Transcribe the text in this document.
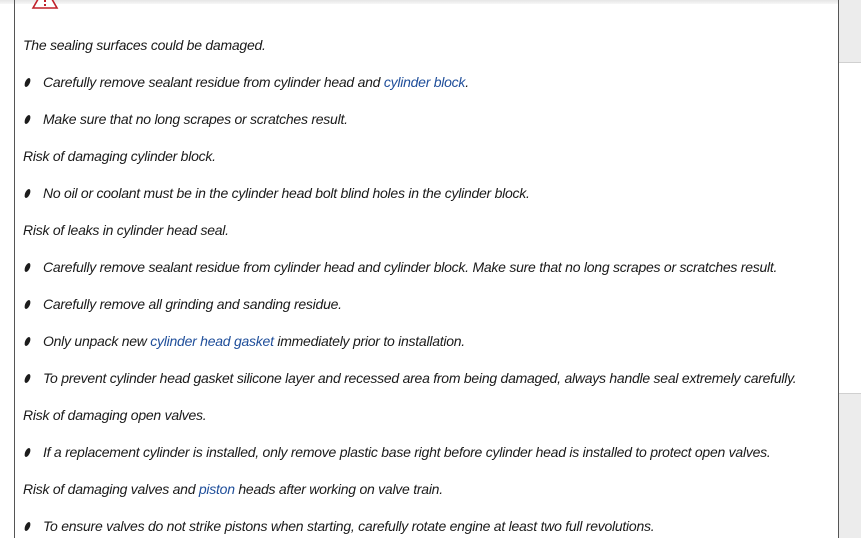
The sealing surfaces could be damaged.
Carefully remove sealant residue from cylinder head and cylinder block.
Make sure that no long scrapes or scratches result.
Risk of damaging cylinder block.
No oil or coolant must be in the cylinder head bolt blind holes in the cylinder block.
Risk of leaks in cylinder head seal.
Carefully remove sealant residue from cylinder head and cylinder block. Make sure that no long scrapes or scratches result.
Carefully remove all grinding and sanding residue.
Only unpack new cylinder head gasket immediately prior to installation.
To prevent cylinder head gasket silicone layer and recessed area from being damaged, always handle seal extremely carefully.
Risk of damaging open valves.
If a replacement cylinder is installed, only remove plastic base right before cylinder head is installed to protect open valves.
Risk of damaging valves and piston heads after working on valve train.
To ensure valves do not strike pistons when starting, carefully rotate engine at least two full revolutions.
